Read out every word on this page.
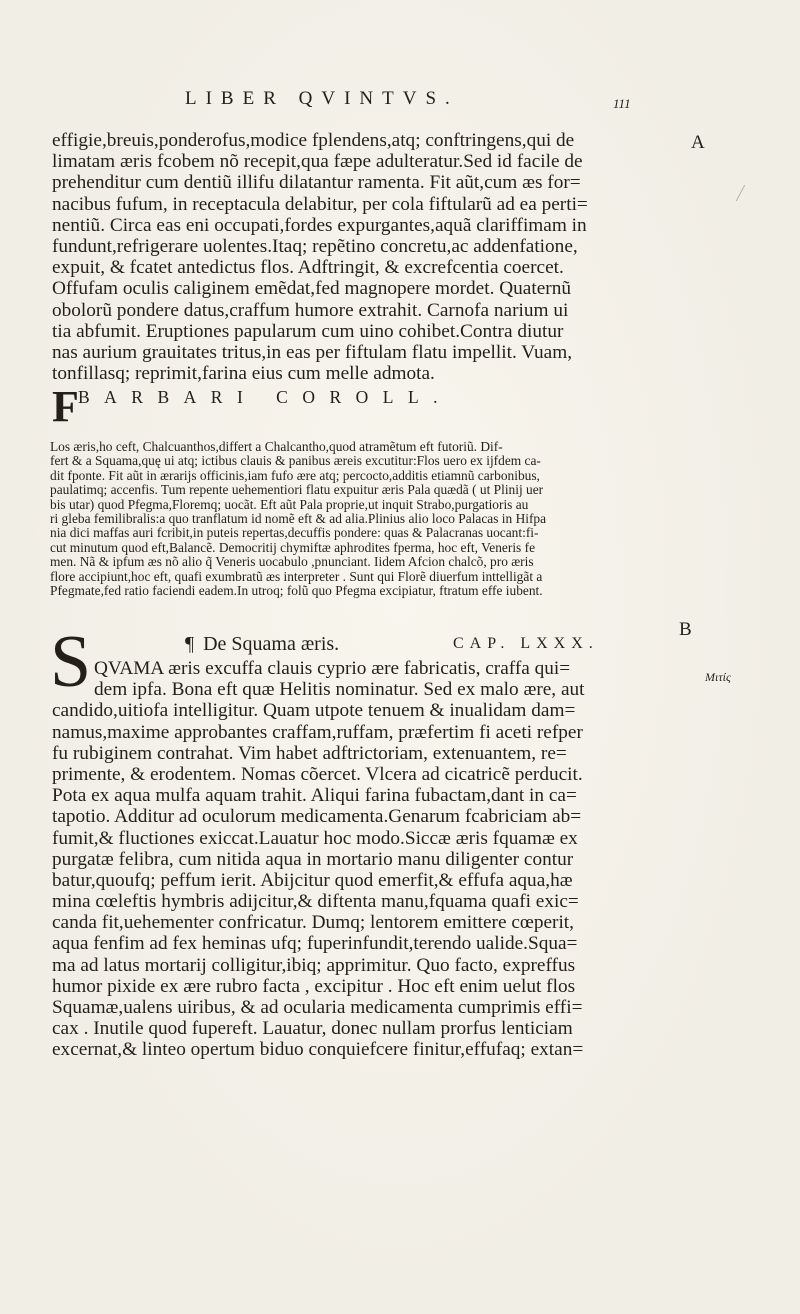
LIBER QVINTVS.	111
A
B
Μιτίς
effigie,breuis,ponderofus,modice fplendens,atq; conftringens,qui de
limatam æris fcobem nõ recepit,qua fæpe adulteratur.Sed id facile de
prehenditur cum dentiũ illifu dilatantur ramenta. Fit aũt,cum æs for=
nacibus fufum, in receptacula delabitur, per cola fiftularũ ad ea perti=
nentiũ. Circa eas eni occupati,fordes expurgantes,aquã clariffimam in
fundunt,refrigerare uolentes.Itaq; repẽtino concretu,ac addenfatione,
expuit, & fcatet antedictus flos. Adftringit, & excrefcentia coercet.
Offufam oculis caliginem emẽdat,fed magnopere mordet. Quaternũ
obolorũ pondere datus,craffum humore extrahit. Carnofa narium ui
tia abfumit. Eruptiones papularum cum uino cohibet.Contra diutur
nas aurium grauitates tritus,in eas per fiftulam flatu impellit. Vuam,
tonfillasq; reprimit,farina eius cum melle admota.
F BARBARI COROLL.
Los æris,ho ceft, Chalcuanthos,differt a Chalcantho,quod atramẽtum eft futoriũ. Dif-
fert & a Squama,quę ui atq; ictibus clauis & panibus æreis excutitur:Flos uero ex ijfdem ca-
dit fponte. Fit aũt in ærarijs officinis,iam fufo ære atq; percocto,additis etiamnũ carbonibus,
paulatimq; accenfis. Tum repente uehementiori flatu expuitur æris Pala quædã ( ut Plinij uer
bis utar) quod Pfegma,Floremq; uocãt. Eft aũt Pala proprie,ut inquit Strabo,purgatioris au
ri gleba femilibralis:a quo tranflatum id nomẽ eft & ad alia.Plinius alio loco Palacas in Hifpa
nia dici maffas auri fcribit,in puteis repertas,decuffis pondere: quas & Palacranas uocant:fi-
cut minutum quod eft,Balancẽ. Democritij chymiftæ aphrodites fperma, hoc eft, Veneris fe
men. Nã & ipfum æs nõ alio q̃ Veneris uocabulo ,pnunciant. Iidem Afcion chalcõ, pro æris
flore accipiunt,hoc eft, quafi exumbratũ æs interpreter . Sunt qui Florẽ diuerfum inttelligãt a
Pfegmate,fed ratio faciendi eadem.In utroq; folũ quo Pfegma excipiatur, ftratum effe iubent.
¶ De Squama æris.	CAP. LXXX.
S QVAMA æris excuffa clauis cyprio ære fabricatis, craffa qui=
dem ipfa. Bona eft quæ Helitis nominatur. Sed ex malo ære, aut
candido,uitiofa intelligitur. Quam utpote tenuem & inualidam dam=
namus,maxime approbantes craffam,ruffam, præfertim fi aceti refper
fu rubiginem contrahat. Vim habet adftrictoriam, extenuantem, re=
primente, & erodentem. Nomas cõercet. Vlcera ad cicatricẽ perducit.
Pota ex aqua mulfa aquam trahit. Aliqui farina fubactam,dant in ca=
tapotio. Additur ad oculorum medicamenta.Genarum fcabriciam ab=
fumit,& fluctiones exiccat.Lauatur hoc modo.Siccæ æris fquamæ ex
purgatæ felibra, cum nitida aqua in mortario manu diligenter contur
batur,quoufq; peffum ierit. Abijcitur quod emerfit,& effufa aqua,hæ
mina cœleftis hymbris adijcitur,& diftenta manu,fquama quafi exic=
canda fit,uehementer confricatur. Dumq; lentorem emittere cœperit,
aqua fenfim ad fex heminas ufq; fuperinfundit,terendo ualide.Squa=
ma ad latus mortarij colligitur,ibiq; apprimitur. Quo facto, expreffus
humor pixide ex ære rubro facta , excipitur . Hoc eft enim uelut flos
Squamæ,ualens uiribus, & ad ocularia medicamenta cumprimis effi=
cax . Inutile quod fupereft. Lauatur, donec nullam prorfus lenticiam
excernat,& linteo opertum biduo conquiefcere finitur,effufaq; extan=
